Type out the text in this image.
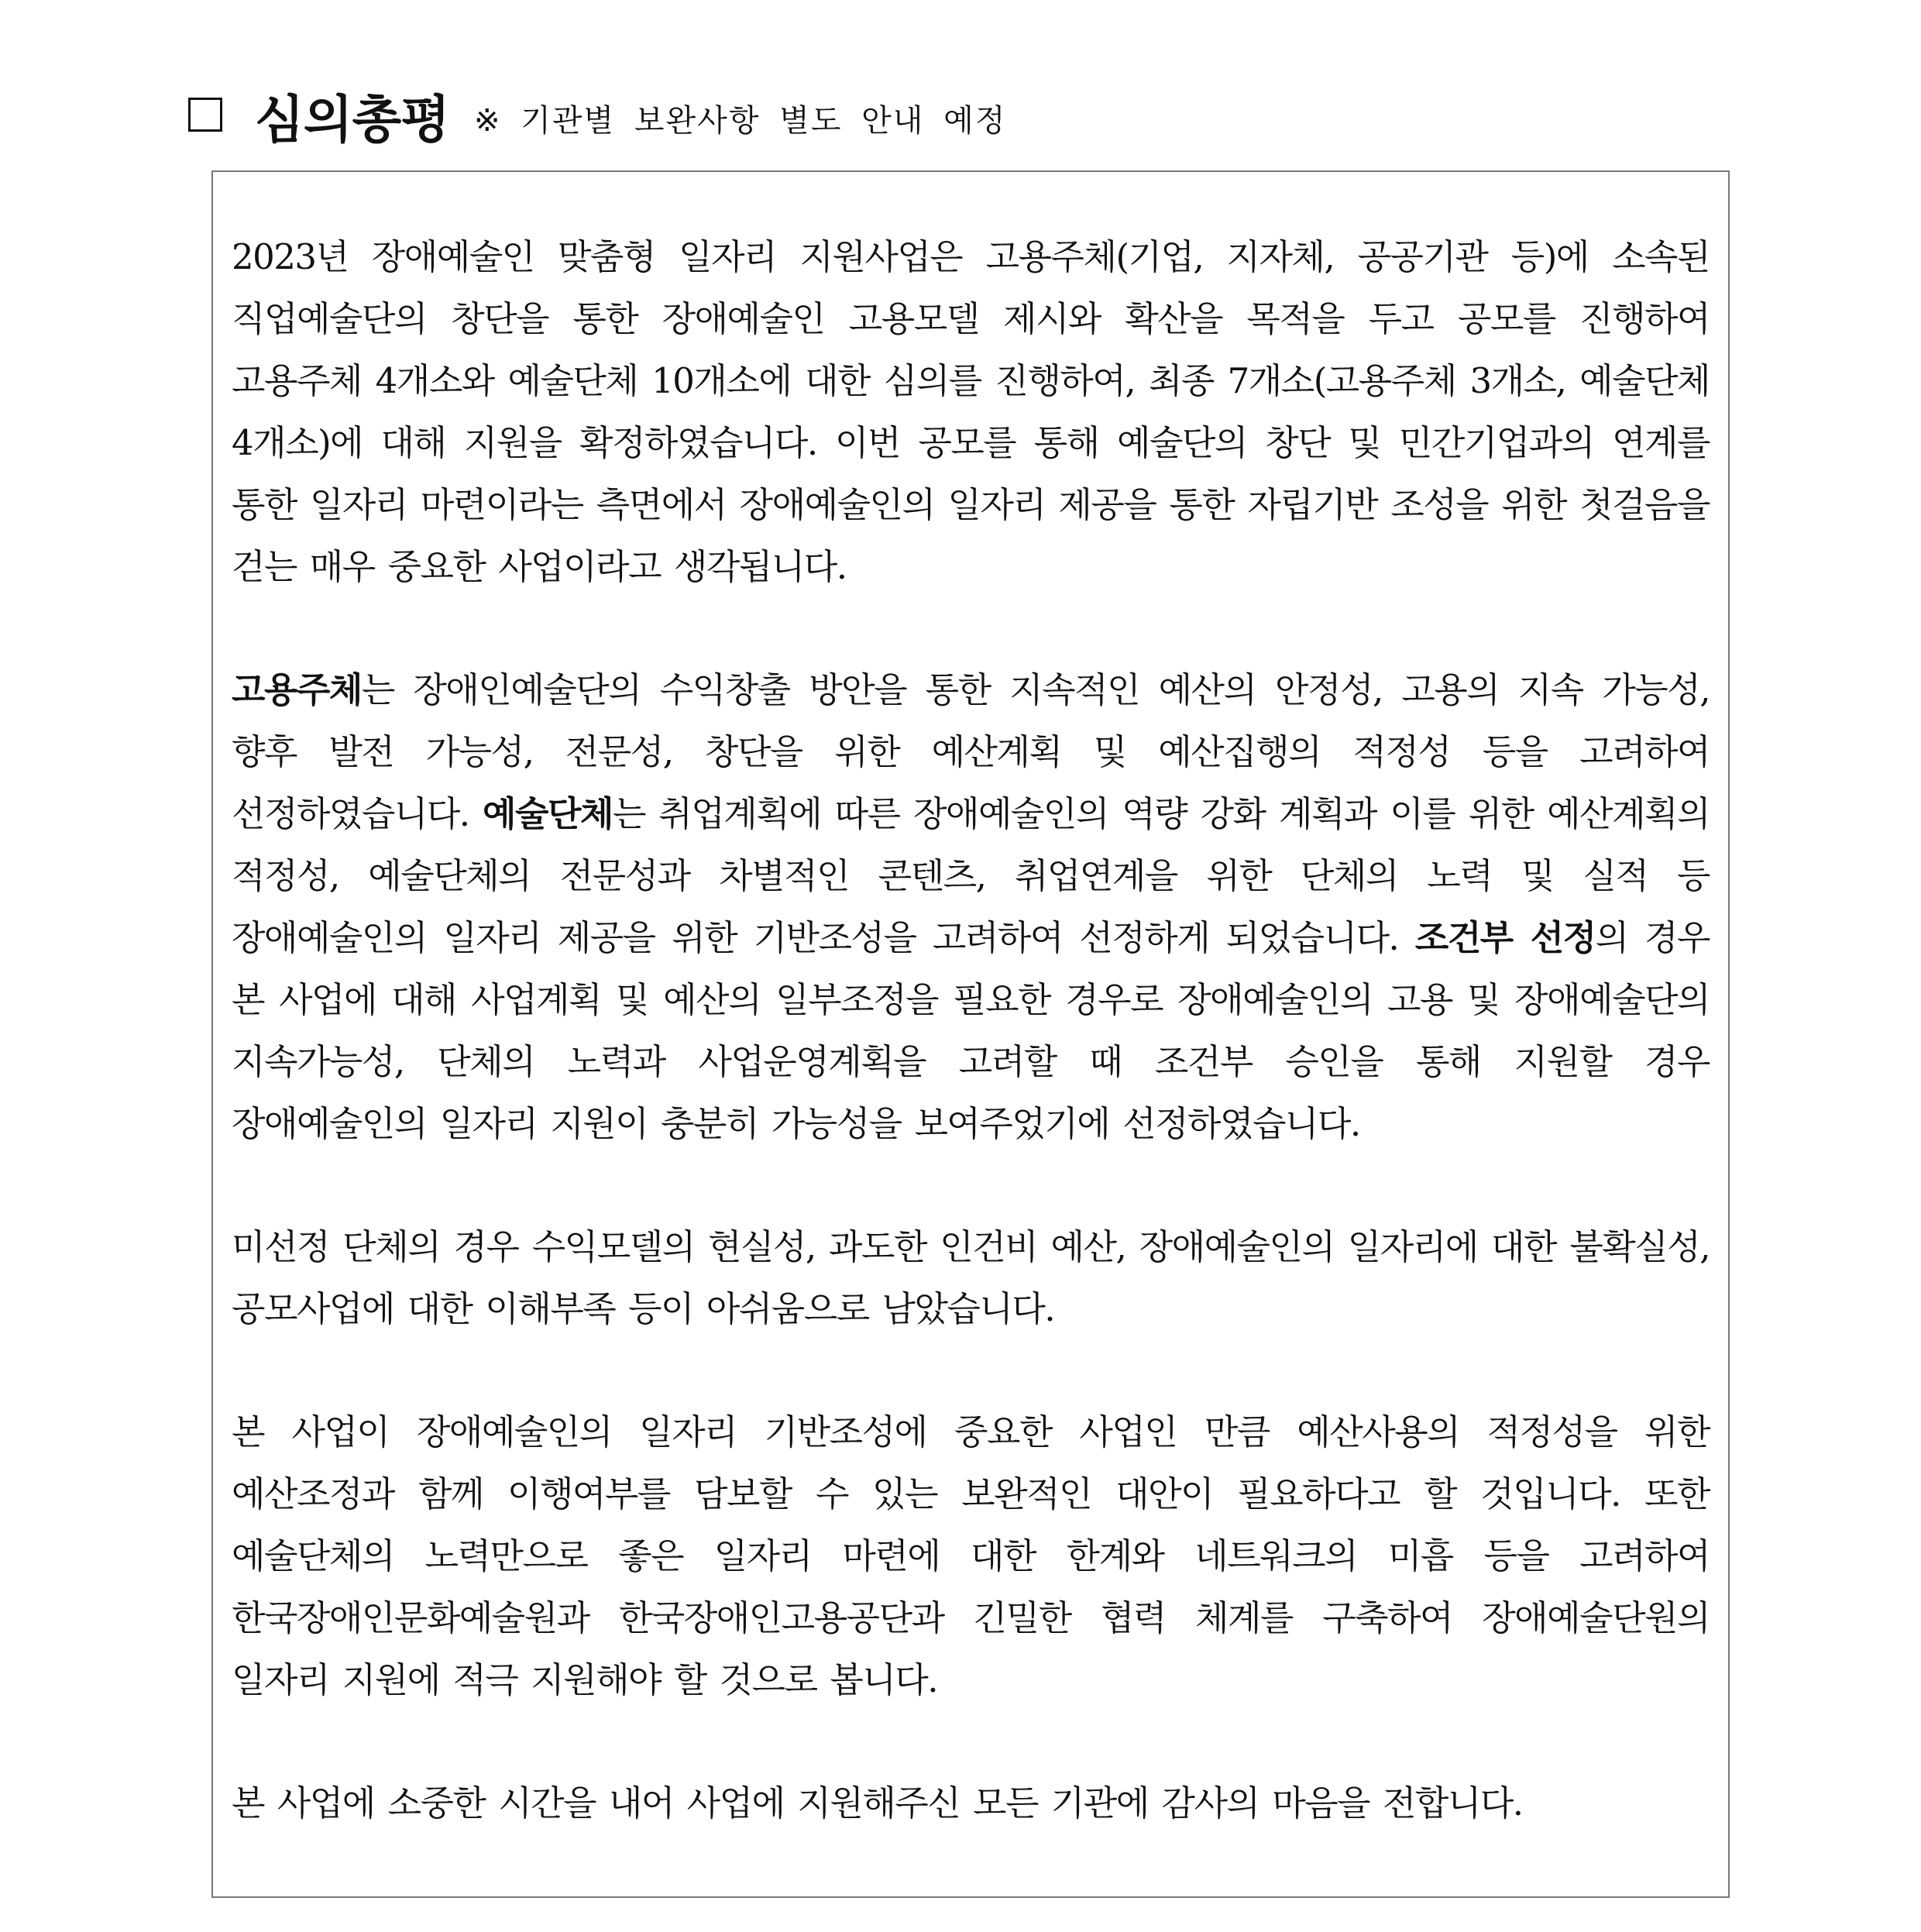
심의총평 ※ 기관별 보완사항 별도 안내 예정

2023년 장애예술인 맞춤형 일자리 지원사업은 고용주체(기업, 지자체, 공공기관 등)에 소속된 직업예술단의 창단을 통한 장애예술인 고용모델 제시와 확산을 목적을 두고 공모를 진행하여 고용주체 4개소와 예술단체 10개소에 대한 심의를 진행하여, 최종 7개소(고용주체 3개소, 예술단체 4개소)에 대해 지원을 확정하였습니다. 이번 공모를 통해 예술단의 창단 및 민간기업과의 연계를 통한 일자리 마련이라는 측면에서 장애예술인의 일자리 제공을 통한 자립기반 조성을 위한 첫걸음을 걷는 매우 중요한 사업이라고 생각됩니다.

고용주체는 장애인예술단의 수익창출 방안을 통한 지속적인 예산의 안정성, 고용의 지속 가능성, 향후 발전 가능성, 전문성, 창단을 위한 예산계획 및 예산집행의 적정성 등을 고려하여 선정하였습니다. 예술단체는 취업계획에 따른 장애예술인의 역량 강화 계획과 이를 위한 예산계획의 적정성, 예술단체의 전문성과 차별적인 콘텐츠, 취업연계을 위한 단체의 노력 및 실적 등 장애예술인의 일자리 제공을 위한 기반조성을 고려하여 선정하게 되었습니다. 조건부 선정의 경우 본 사업에 대해 사업계획 및 예산의 일부조정을 필요한 경우로 장애예술인의 고용 및 장애예술단의 지속가능성, 단체의 노력과 사업운영계획을 고려할 때 조건부 승인을 통해 지원할 경우 장애예술인의 일자리 지원이 충분히 가능성을 보여주었기에 선정하였습니다.

미선정 단체의 경우 수익모델의 현실성, 과도한 인건비 예산, 장애예술인의 일자리에 대한 불확실성, 공모사업에 대한 이해부족 등이 아쉬움으로 남았습니다.

본 사업이 장애예술인의 일자리 기반조성에 중요한 사업인 만큼 예산사용의 적정성을 위한 예산조정과 함께 이행여부를 담보할 수 있는 보완적인 대안이 필요하다고 할 것입니다. 또한 예술단체의 노력만으로 좋은 일자리 마련에 대한 한계와 네트워크의 미흡 등을 고려하여 한국장애인문화예술원과 한국장애인고용공단과 긴밀한 협력 체계를 구축하여 장애예술단원의 일자리 지원에 적극 지원해야 할 것으로 봅니다.

본 사업에 소중한 시간을 내어 사업에 지원해주신 모든 기관에 감사의 마음을 전합니다.
